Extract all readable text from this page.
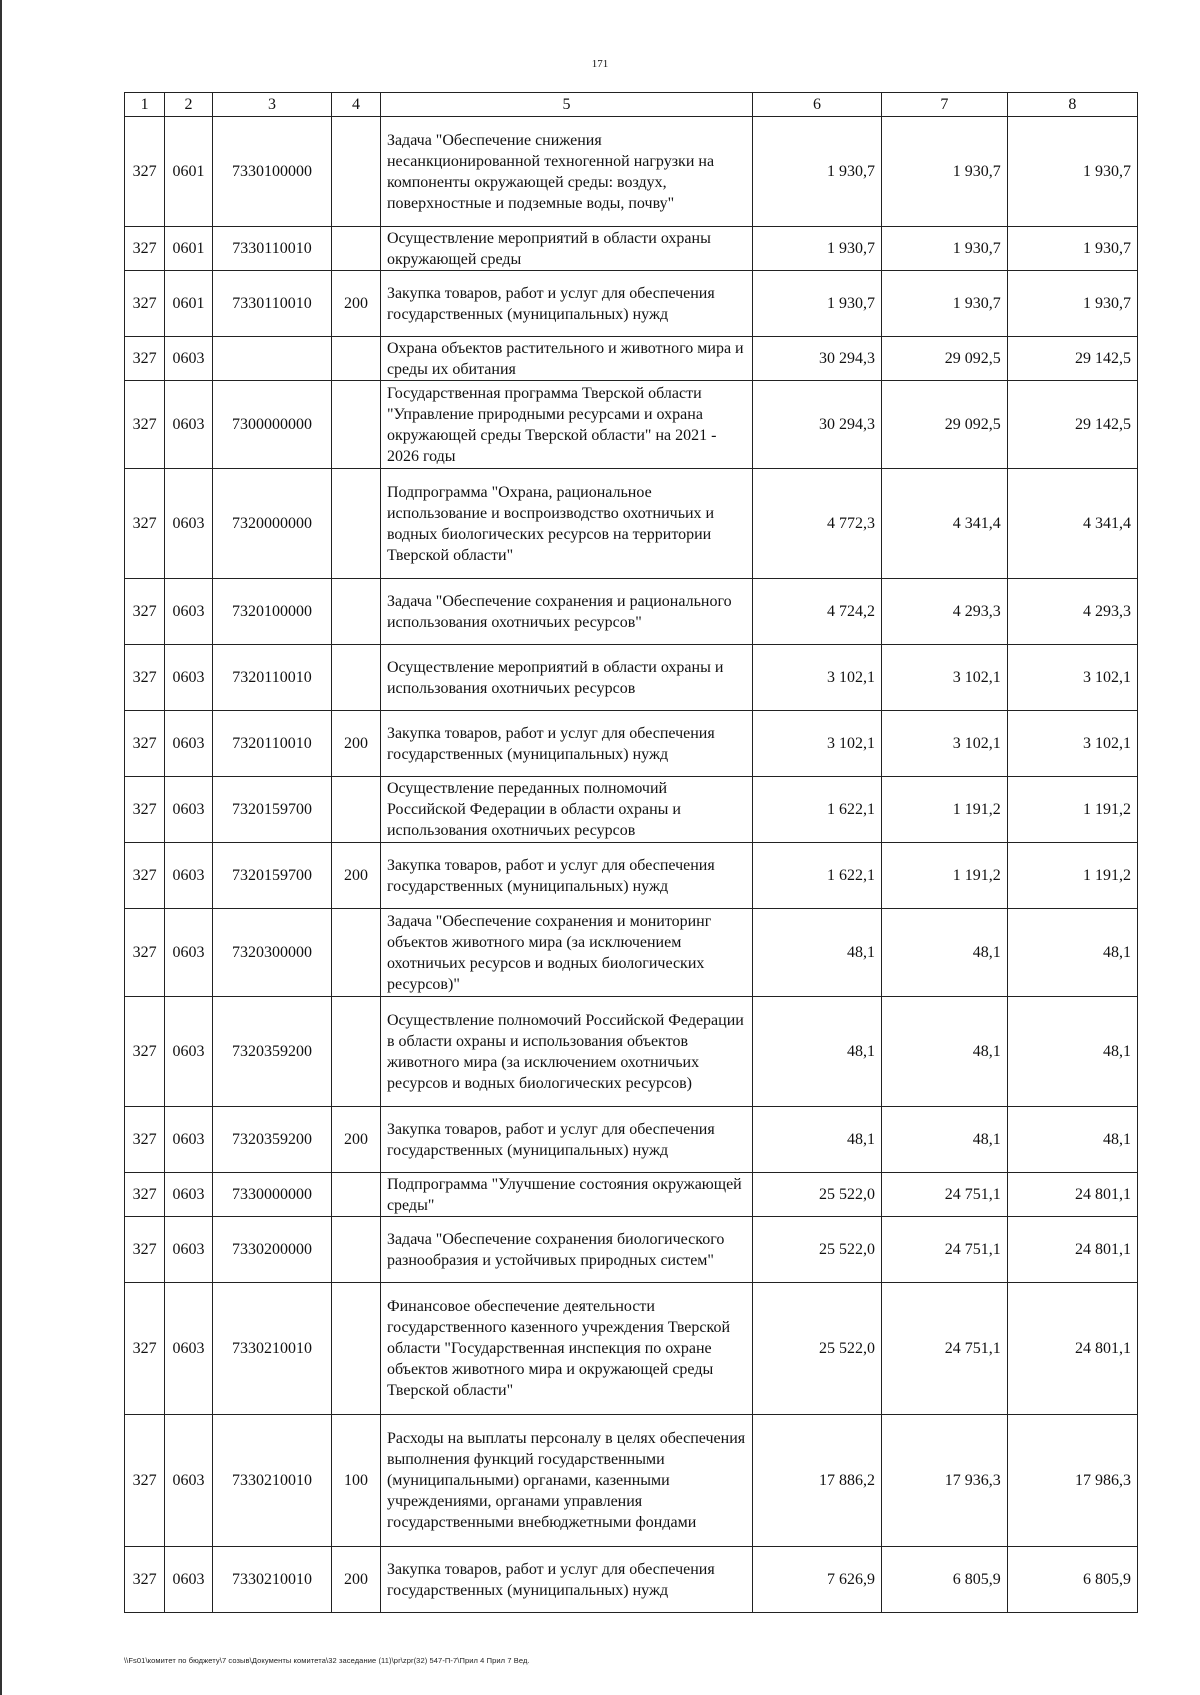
171
1	2	3	4	5	6	7	8
327	0601	7330100000		Задача "Обеспечение снижения несанкционированной техногенной нагрузки на компоненты окружающей среды: воздух, поверхностные и подземные воды, почву"	1 930,7	1 930,7	1 930,7
327	0601	7330110010		Осуществление мероприятий в области охраны окружающей среды	1 930,7	1 930,7	1 930,7
327	0601	7330110010	200	Закупка товаров, работ и услуг для обеспечения государственных (муниципальных) нужд	1 930,7	1 930,7	1 930,7
327	0603			Охрана объектов растительного и животного мира и среды их обитания	30 294,3	29 092,5	29 142,5
327	0603	7300000000		Государственная программа Тверской области "Управление природными ресурсами и охрана окружающей среды Тверской области" на 2021 - 2026 годы	30 294,3	29 092,5	29 142,5
327	0603	7320000000		Подпрограмма "Охрана, рациональное использование и воспроизводство охотничьих и водных биологических ресурсов на территории Тверской области"	4 772,3	4 341,4	4 341,4
327	0603	7320100000		Задача "Обеспечение сохранения и рационального использования охотничьих ресурсов"	4 724,2	4 293,3	4 293,3
327	0603	7320110010		Осуществление мероприятий в области охраны и использования охотничьих ресурсов	3 102,1	3 102,1	3 102,1
327	0603	7320110010	200	Закупка товаров, работ и услуг для обеспечения государственных (муниципальных) нужд	3 102,1	3 102,1	3 102,1
327	0603	7320159700		Осуществление переданных полномочий Российской Федерации в области охраны и использования охотничьих ресурсов	1 622,1	1 191,2	1 191,2
327	0603	7320159700	200	Закупка товаров, работ и услуг для обеспечения государственных (муниципальных) нужд	1 622,1	1 191,2	1 191,2
327	0603	7320300000		Задача "Обеспечение сохранения и мониторинг объектов животного мира (за исключением охотничьих ресурсов и водных биологических ресурсов)"	48,1	48,1	48,1
327	0603	7320359200		Осуществление полномочий Российской Федерации в области охраны и использования объектов животного мира (за исключением охотничьих ресурсов и водных биологических ресурсов)	48,1	48,1	48,1
327	0603	7320359200	200	Закупка товаров, работ и услуг для обеспечения государственных (муниципальных) нужд	48,1	48,1	48,1
327	0603	7330000000		Подпрограмма "Улучшение состояния окружающей среды"	25 522,0	24 751,1	24 801,1
327	0603	7330200000		Задача "Обеспечение сохранения биологического разнообразия и устойчивых природных систем"	25 522,0	24 751,1	24 801,1
327	0603	7330210010		Финансовое обеспечение деятельности государственного казенного учреждения Тверской области "Государственная инспекция по охране объектов животного мира и окружающей среды Тверской области"	25 522,0	24 751,1	24 801,1
327	0603	7330210010	100	Расходы на выплаты персоналу в целях обеспечения выполнения функций государственными (муниципальными) органами, казенными учреждениями, органами управления государственными внебюджетными фондами	17 886,2	17 936,3	17 986,3
327	0603	7330210010	200	Закупка товаров, работ и услуг для обеспечения государственных (муниципальных) нужд	7 626,9	6 805,9	6 805,9
\\Fs01\комитет по бюджету\7 созыв\Документы комитета\32 заседание (11)\pr\zpr(32) 547-П-7\Прил 4 Прил 7 Вед.
